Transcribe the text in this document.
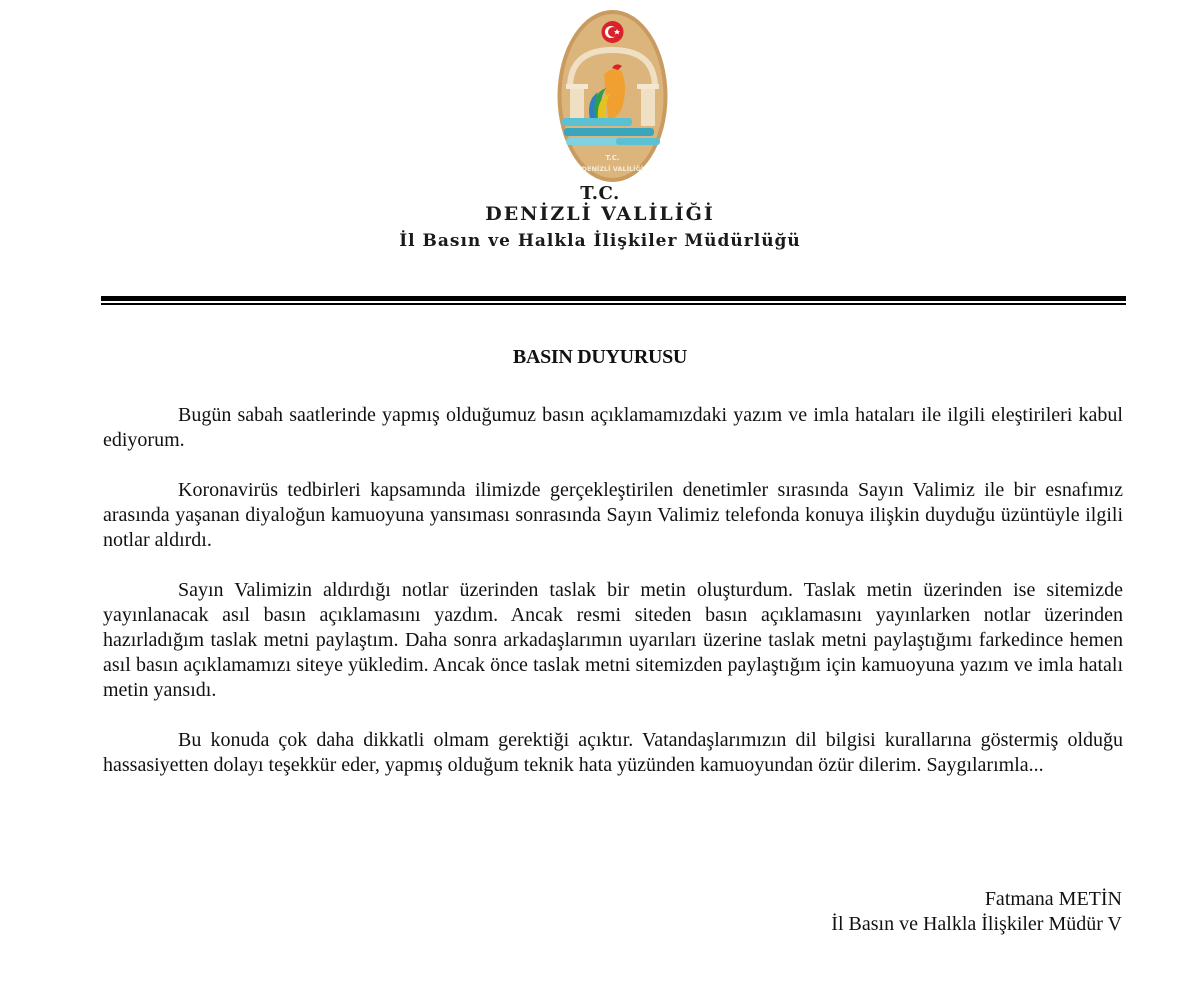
T.C.
DENİZLİ VALİLİĞİ
T.C.
DENİZLİ VALİLİĞİ
İl Basın ve Halkla İlişkiler Müdürlüğü
BASIN DUYURUSU

Bugün sabah saatlerinde yapmış olduğumuz basın açıklamamızdaki yazım ve imla hataları ile ilgili eleştirileri kabul ediyorum.

Koronavirüs tedbirleri kapsamında ilimizde gerçekleştirilen denetimler sırasında Sayın Valimiz ile bir esnafımız arasında yaşanan diyaloğun kamuoyuna yansıması sonrasında Sayın Valimiz telefonda konuya ilişkin duyduğu üzüntüyle ilgili notlar aldırdı.

Sayın Valimizin aldırdığı notlar üzerinden taslak bir metin oluşturdum. Taslak metin üzerinden ise sitemizde yayınlanacak asıl basın açıklamasını yazdım. Ancak resmi siteden basın açıklamasını yayınlarken notlar üzerinden hazırladığım taslak metni paylaştım. Daha sonra arkadaşlarımın uyarıları üzerine taslak metni paylaştığımı farkedince hemen asıl basın açıklamamızı siteye yükledim. Ancak önce taslak metni sitemizden paylaştığım için kamuoyuna yazım ve imla hatalı metin yansıdı.

Bu konuda çok daha dikkatli olmam gerektiği açıktır. Vatandaşlarımızın dil bilgisi kurallarına göstermiş olduğu hassasiyetten dolayı teşekkür eder, yapmış olduğum teknik hata yüzünden kamuoyundan özür dilerim. Saygılarımla...

Fatmana METİN
İl Basın ve Halkla İlişkiler Müdür V
